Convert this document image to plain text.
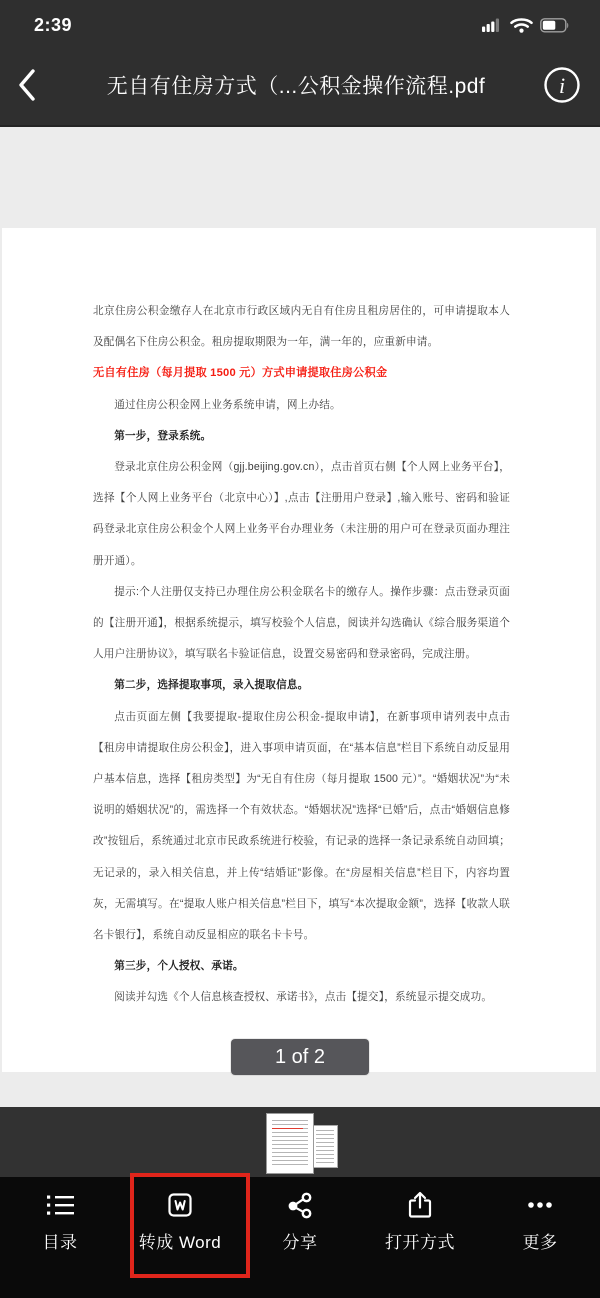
2:39
无自有住房方式（...公积金操作流程.pdf	i

北京住房公积金缴存人在北京市行政区域内无自有住房且租房居住的，可申请提取本人及配偶名下住房公积金。租房提取期限为一年，满一年的，应重新申请。

无自有住房（每月提取 1500 元）方式申请提取住房公积金

通过住房公积金网上业务系统申请，网上办结。

第一步，登录系统。

登录北京住房公积金网（gjj.beijing.gov.cn），点击首页右侧【个人网上业务平台】，选择【个人网上业务平台（北京中心）】,点击【注册用户登录】,输入账号、密码和验证码登录北京住房公积金个人网上业务平台办理业务（未注册的用户可在登录页面办理注册开通）。

提示:个人注册仅支持已办理住房公积金联名卡的缴存人。操作步骤：点击登录页面的【注册开通】，根据系统提示，填写校验个人信息，阅读并勾选确认《综合服务渠道个人用户注册协议》，填写联名卡验证信息，设置交易密码和登录密码，完成注册。

第二步，选择提取事项，录入提取信息。

点击页面左侧【我要提取-提取住房公积金-提取申请】，在新事项申请列表中点击【租房申请提取住房公积金】，进入事项申请页面，在“基本信息”栏目下系统自动反显用户基本信息，选择【租房类型】为“无自有住房（每月提取 1500 元）”。“婚姻状况”为“未说明的婚姻状况”的，需选择一个有效状态。“婚姻状况”选择“已婚”后，点击“婚姻信息修改”按钮后，系统通过北京市民政系统进行校验，有记录的选择一条记录系统自动回填；无记录的，录入相关信息，并上传“结婚证”影像。在“房屋相关信息”栏目下，内容均置灰，无需填写。在“提取人账户相关信息”栏目下，填写“本次提取金额”，选择【收款人联名卡银行】，系统自动反显相应的联名卡卡号。

第三步，个人授权、承诺。

阅读并勾选《个人信息核查授权、承诺书》，点击【提交】，系统显示提交成功。

1 of 2
目录	转成 Word	分享	打开方式	更多
